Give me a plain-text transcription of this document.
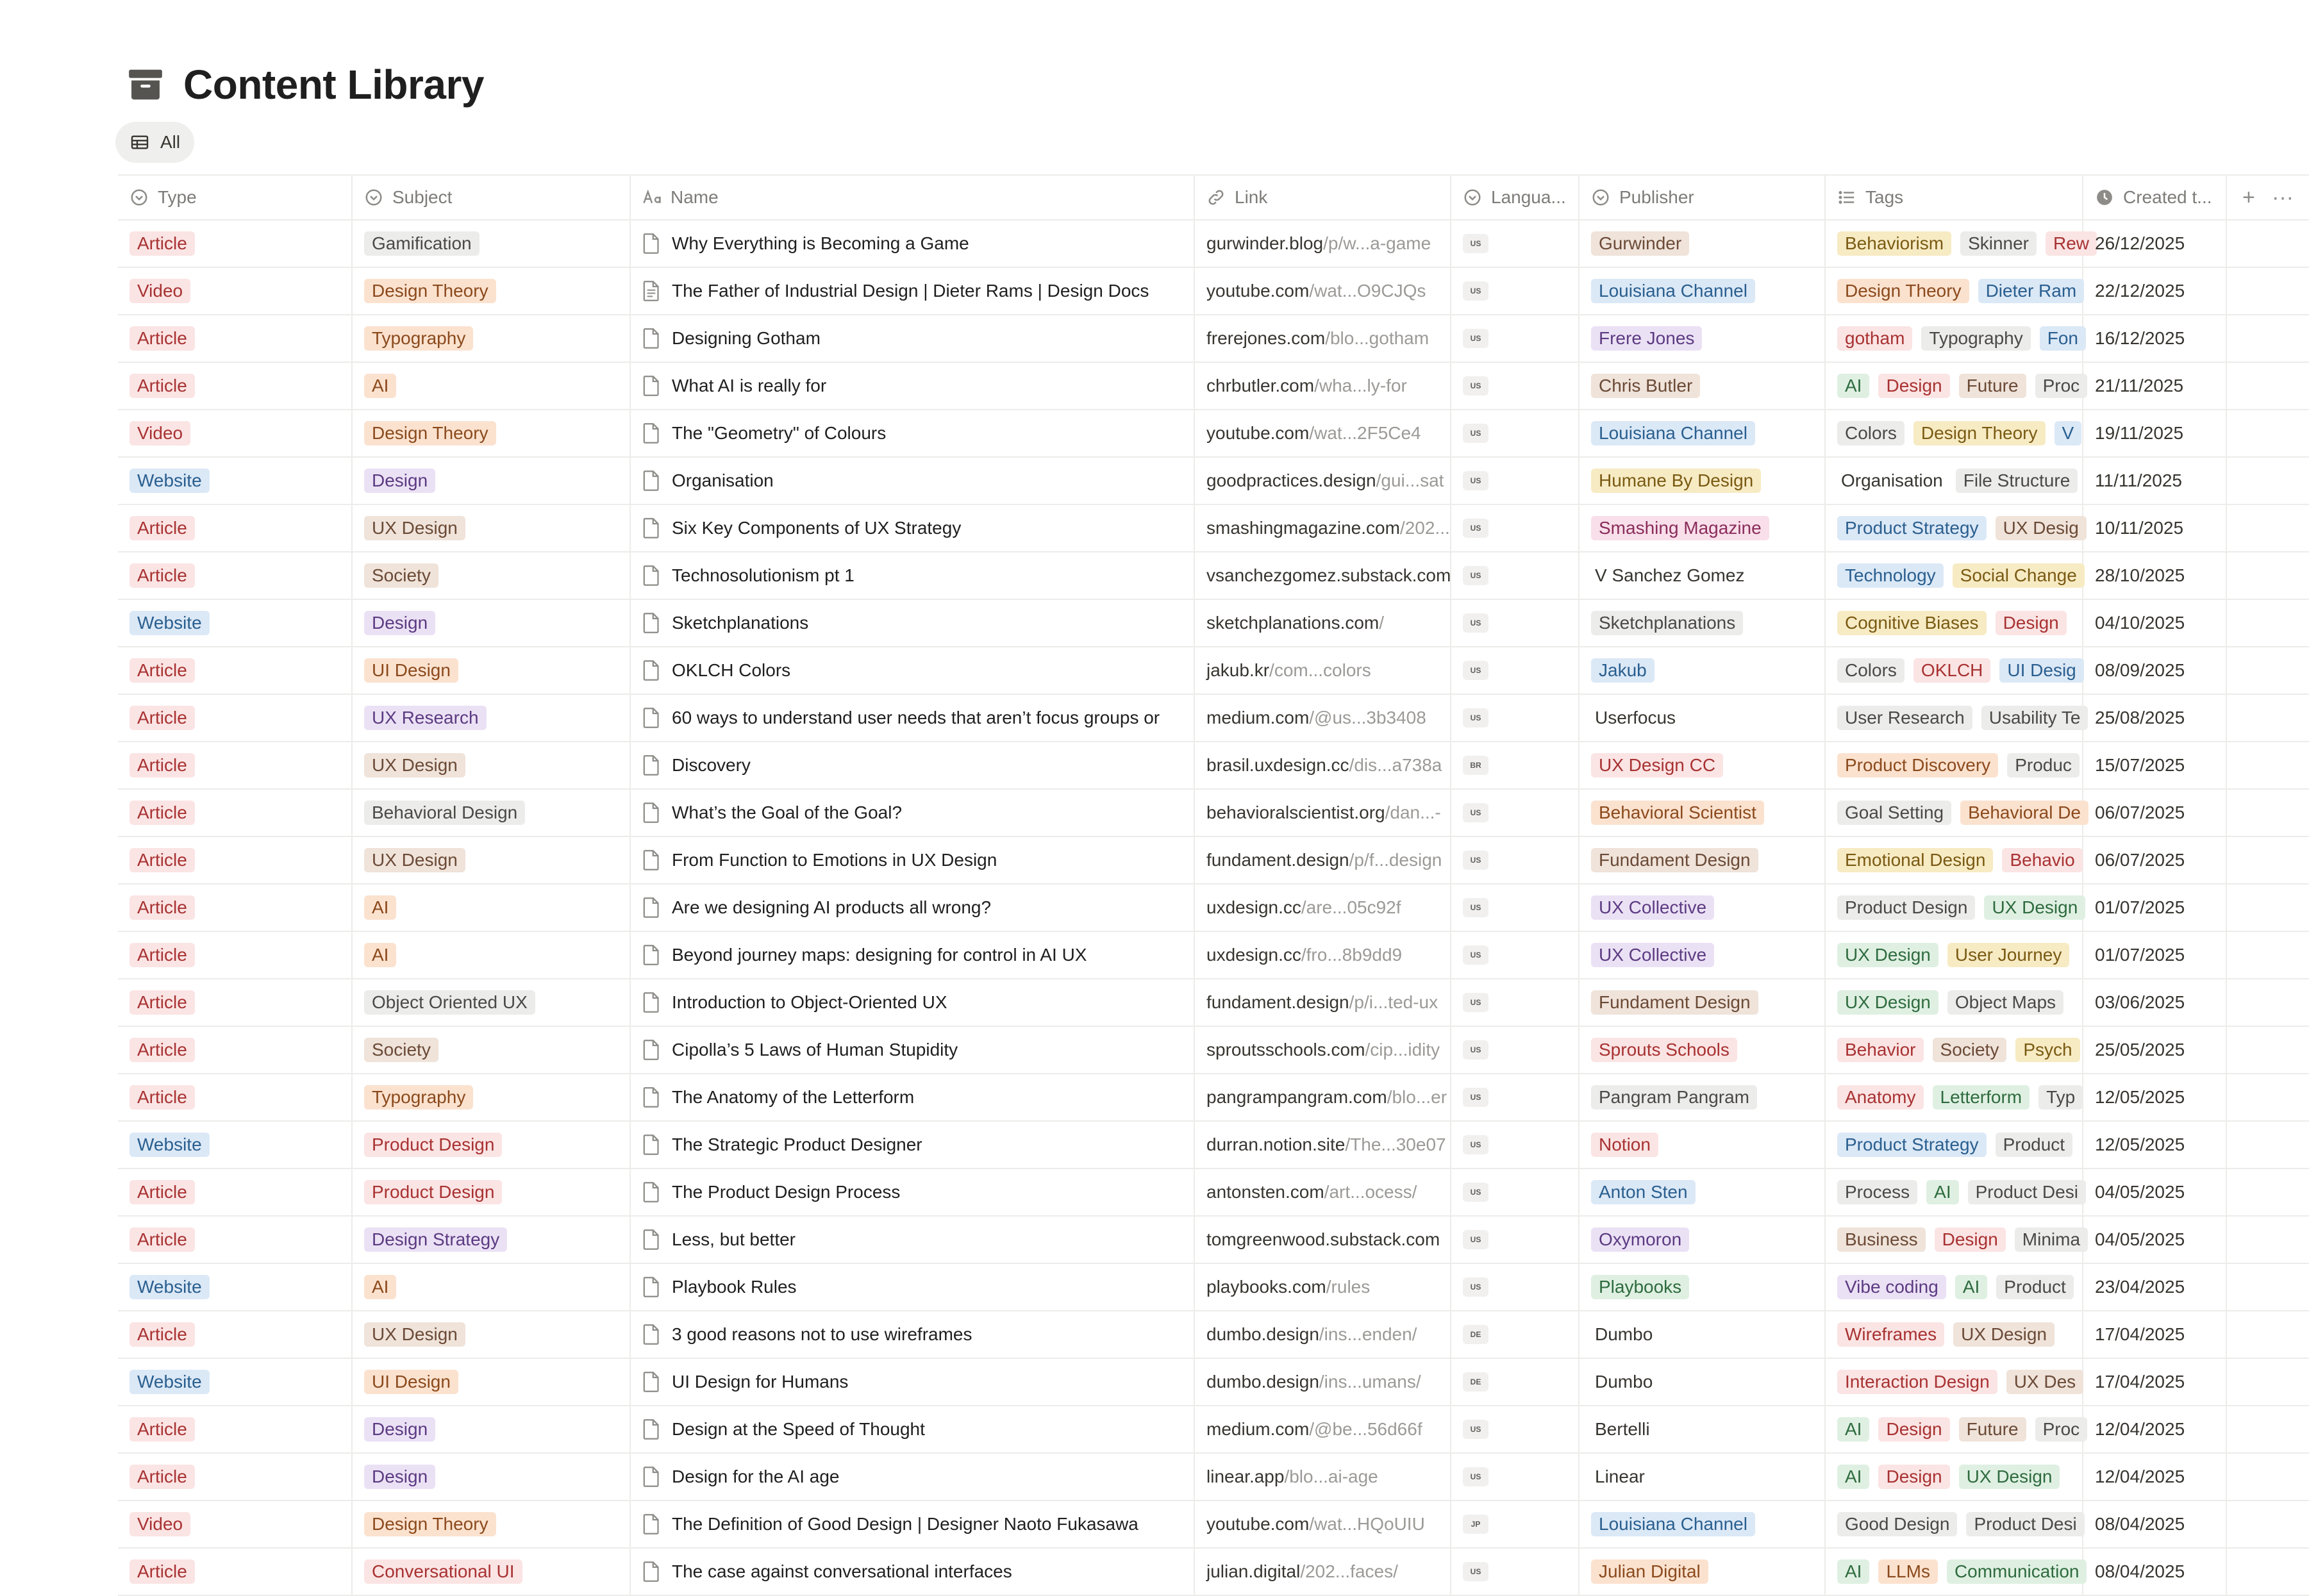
Content Library
All
Type	Subject	Name	Link	Langua...	Publisher	Tags	Created t... + ···
Article	Gamification	Why Everything is Becoming a Game	gurwinder.blog /p/w...a-game	US	Gurwinder	Behaviorism	Skinner	Rew 26/12/2025
Video	Design Theory	The Father of Industrial Design | Dieter Rams | Design Docs	youtube.com /wat...O9CJQs	US	Louisiana Channel	Design Theory	Dieter Ram	22/12/2025
Article	Typography	Designing Gotham	frerejones.com /blo...gotham	US	Frere Jones	gotham	Typography	Fon 16/12/2025
Article	AI	What AI is really for	chrbutler.com /wha...ly-for	US	Chris Butler	AI	Design	Future	Proc 21/11/2025
Video	Design Theory	The "Geometry" of Colours	youtube.com /wat...2F5Ce4	US	Louisiana Channel	Colors	Design Theory	V	19/11/2025
Website	Design	Organisation	goodpractices.design /gui...sat	US	Humane By Design	Organisation	File Structure	11/11/2025
Article	UX Design	Six Key Components of UX Strategy	smashingmagazine.com /202...	US	Smashing Magazine	Product Strategy	UX Desig 10/11/2025
Article	Society	Technosolutionism pt 1	vsanchezgomez.substack.com	US	V Sanchez Gomez	Technology	Social Change	28/10/2025
Website	Design	Sketchplanations	sketchplanations.com /	US	Sketchplanations	Cognitive Biases	Design	04/10/2025
Article	UI Design	OKLCH Colors	jakub.kr /com...colors	US	Jakub	Colors	OKLCH	UI Desig	08/09/2025
Article	UX Research	60 ways to understand user needs that aren’t focus groups or	medium.com /@us...3b3408	US	Userfocus	User Research	Usability Te 25/08/2025
Article	UX Design	Discovery	brasil.uxdesign.cc /dis...a738a	BR	UX Design CC	Product Discovery	Produc	15/07/2025
Article	Behavioral Design	What’s the Goal of the Goal?	behavioralscientist.org /dan...-	US	Behavioral Scientist	Goal Setting	Behavioral De 06/07/2025
Article	UX Design	From Function to Emotions in UX Design	fundament.design /p/f...design	US	Fundament Design	Emotional Design	Behavio	06/07/2025
Article	AI	Are we designing AI products all wrong?	uxdesign.cc /are...05c92f	US	UX Collective	Product Design	UX Design 01/07/2025
Article	AI	Beyond journey maps: designing for control in AI UX	uxdesign.cc /fro...8b9dd9	US	UX Collective	UX Design	User Journey	01/07/2025
Article	Object Oriented UX	Introduction to Object-Oriented UX	fundament.design /p/i...ted-ux	US	Fundament Design	UX Design	Object Maps	03/06/2025
Article	Society	Cipolla’s 5 Laws of Human Stupidity	sproutsschools.com /cip...idity	US	Sprouts Schools	Behavior	Society	Psych	25/05/2025
Article	Typography	The Anatomy of the Letterform	pangrampangram.com /blo...er	US	Pangram Pangram	Anatomy	Letterform	Typ	12/05/2025
Website	Product Design	The Strategic Product Designer	durran.notion.site /The...30e07	US	Notion	Product Strategy	Product	12/05/2025
Article	Product Design	The Product Design Process	antonsten.com /art...ocess/	US	Anton Sten	Process	AI	Product Desi 04/05/2025
Article	Design Strategy	Less, but better	tomgreenwood.substack.com	US	Oxymoron	Business	Design	Minima 04/05/2025
Website	AI	Playbook Rules	playbooks.com /rules	US	Playbooks	Vibe coding	AI	Product	23/04/2025
Article	UX Design	3 good reasons not to use wireframes	dumbo.design /ins...enden/	DE	Dumbo	Wireframes	UX Design	17/04/2025
Website	UI Design	UI Design for Humans	dumbo.design /ins...umans/	DE	Dumbo	Interaction Design	UX Des	17/04/2025
Article	Design	Design at the Speed of Thought	medium.com /@be...56d66f	US	Bertelli	AI	Design	Future	Proc 12/04/2025
Article	Design	Design for the AI age	linear.app /blo...ai-age	US	Linear	AI	Design	UX Design	12/04/2025
Video	Design Theory	The Definition of Good Design | Designer Naoto Fukasawa	youtube.com /wat...HQoUIU	JP	Louisiana Channel	Good Design	Product Desi	08/04/2025
Article	Conversational UI	The case against conversational interfaces	julian.digital /202...faces/	US	Julian Digital	AI	LLMs	Communication 08/04/2025
